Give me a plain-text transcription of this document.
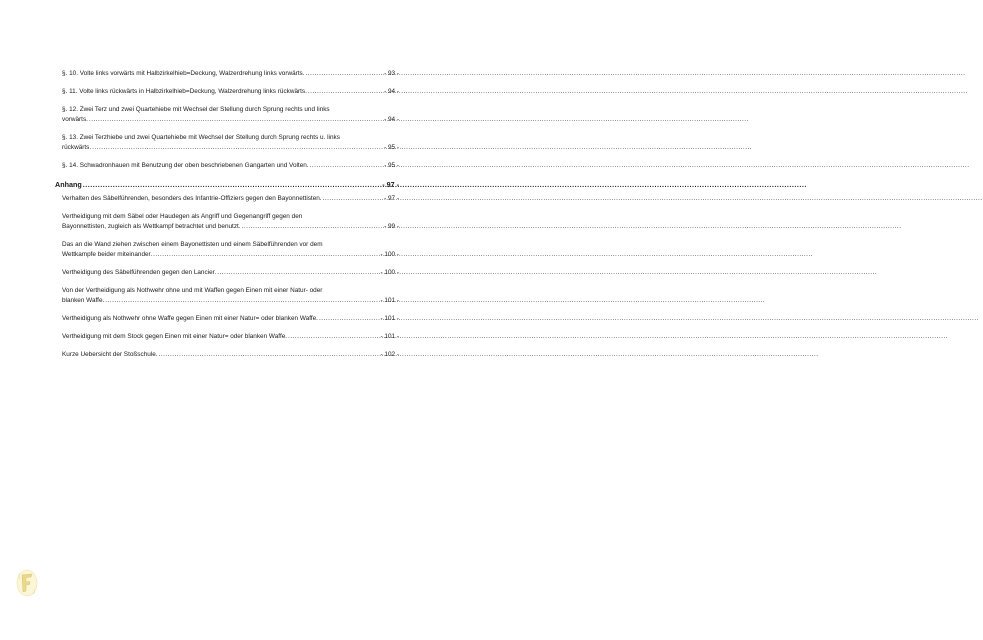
§. 10. Volte links vorwärts mit Halbzirkelhieb=Deckung, Walzerdrehung links vorwärts. .....	- 93 -
§. 11. Volte links rückwärts in Halbzirkelhieb=Deckung, Walzerdrehung links rückwärts. .....	- 94 -
§. 12. Zwei Terz und zwei Quartehiebe mit Wechsel der Stellung durch Sprung rechts und links
vorwärts. .....	- 94 -
§. 13. Zwei Terzhiebe und zwei Quartehiebe mit Wechsel der Stellung durch Sprung rechts u. links
rückwärts. .....	- 95 -
§. 14. Schwadronhauen mit Benutzung der oben beschriebenen Gangarten und Volten. .....	- 95 -
Anhang .....	- 97 -
Verhalten des Säbelführenden, besonders des Infantrie-Offiziers gegen den Bayonnettisten. .....	- 97 -
Vertheidigung mit dem Säbel oder Haudegen als Angriff und Gegenangriff gegen den
Bayonnettisten, zugleich als Wettkampf betrachtet und benutzt. .....	- 99 -
Das an die Wand ziehen zwischen einem Bayonettisten und einem Säbelführenden vor dem
Wettkampfe beider miteinander. .....	- 100 -
Vertheidigung des Säbelführenden gegen den Lancier. .....	- 100 -
Von der Vertheidigung als Nothwehr ohne und mit Waffen gegen Einen mit einer Natur- oder
blanken Waffe. .....	- 101 -
Vertheidigung als Nothwehr ohne Waffe gegen Einen mit einer Natur= oder blanken Waffe. .....	- 101 -
Vertheidigung mit dem Stock gegen Einen mit einer Natur= oder blanken Waffe. .....	- 101 -
Kurze Uebersicht der Stoßschule. .....	- 102 -
